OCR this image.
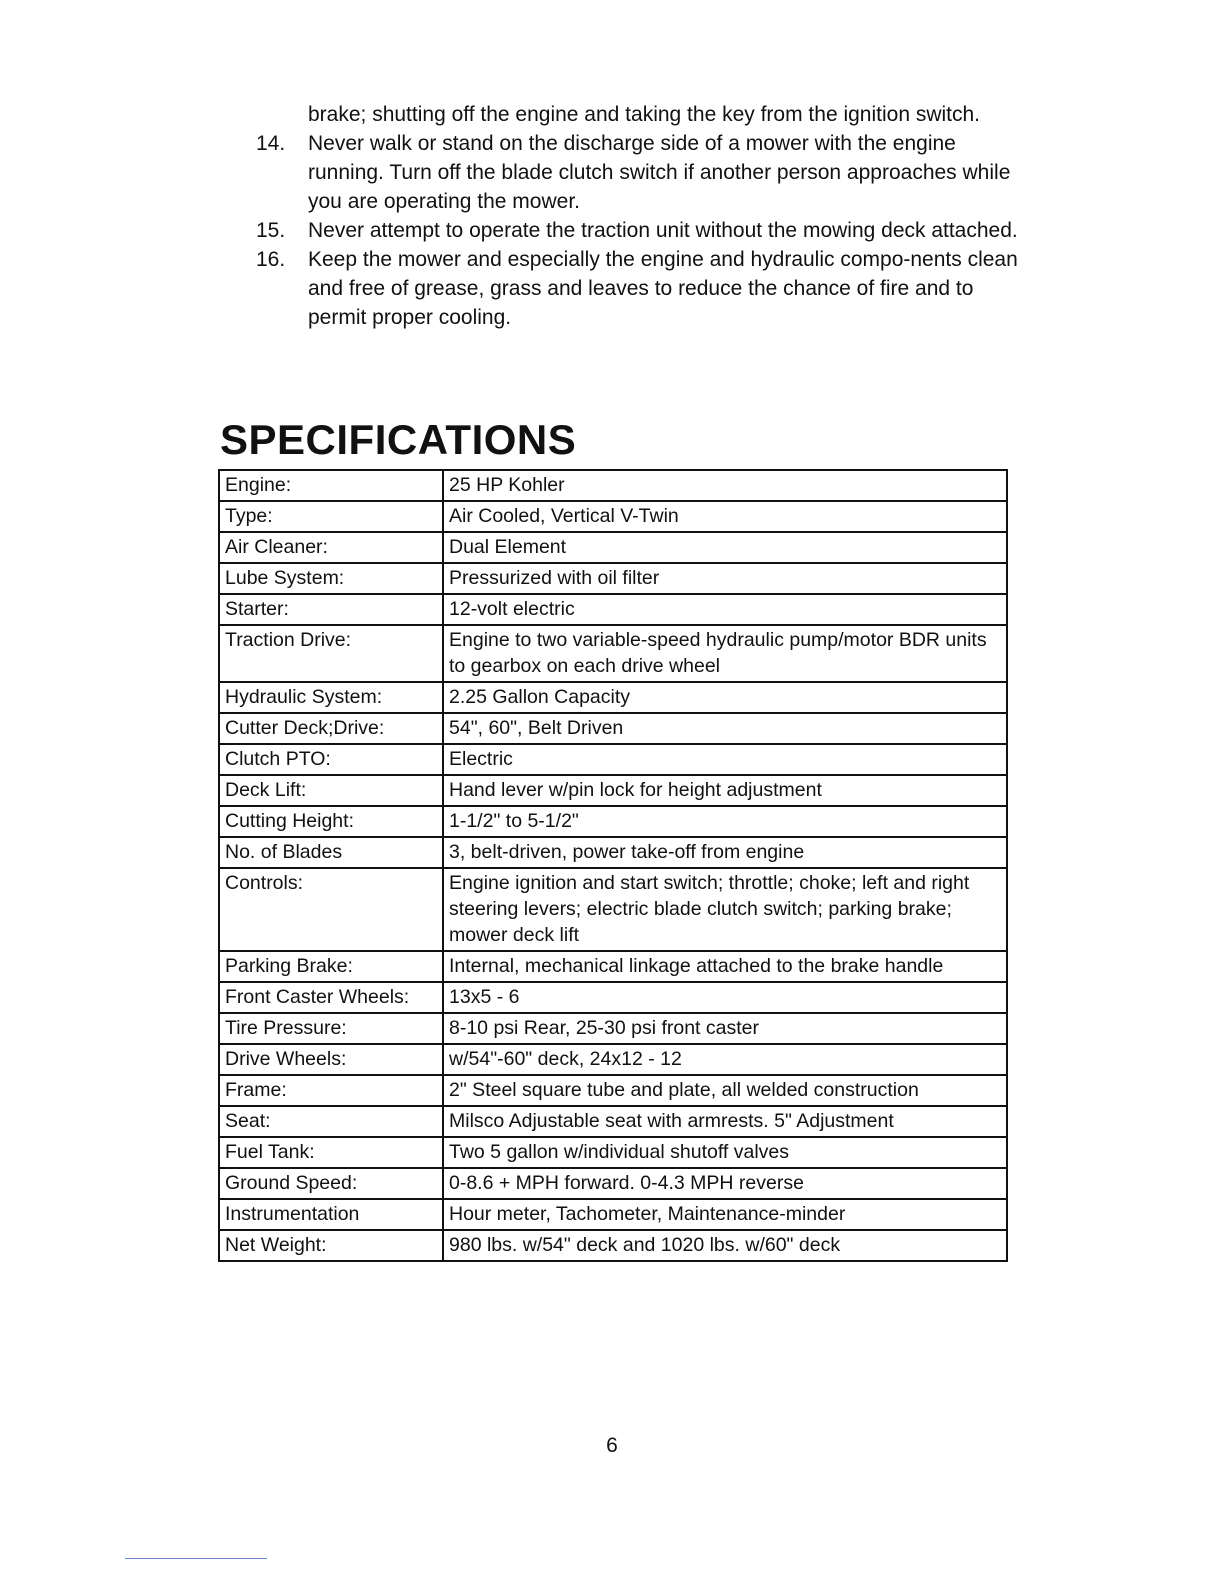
brake; shutting off the engine and taking the key from the ignition switch.
14. Never walk or stand on the discharge side of a mower with the engine running. Turn off the blade clutch switch if another person approaches while you are operating the mower.
15. Never attempt to operate the traction unit without the mowing deck attached.
16. Keep the mower and especially the engine and hydraulic compo-nents clean and free of grease, grass and leaves to reduce the chance of fire and to permit proper cooling.
SPECIFICATIONS
Engine:	25 HP Kohler
Type:	Air Cooled, Vertical V-Twin
Air Cleaner:	Dual Element
Lube System:	Pressurized with oil filter
Starter:	12-volt electric
Traction Drive:	Engine to two variable-speed hydraulic pump/motor BDR units to gearbox on each drive wheel
Hydraulic System:	2.25 Gallon Capacity
Cutter Deck;Drive:	54", 60", Belt Driven
Clutch PTO:	Electric
Deck Lift:	Hand lever w/pin lock for height adjustment
Cutting Height:	1-1/2" to 5-1/2"
No. of Blades	3, belt-driven, power take-off from engine
Controls:	Engine ignition and start switch; throttle; choke; left and right steering levers; electric blade clutch switch; parking brake; mower deck lift
Parking Brake:	Internal, mechanical linkage attached to the brake handle
Front Caster Wheels:	13x5 - 6
Tire Pressure:	8-10 psi Rear, 25-30 psi front caster
Drive Wheels:	w/54"-60" deck, 24x12 - 12
Frame:	2" Steel square tube and plate, all welded construction
Seat:	Milsco Adjustable seat with armrests. 5" Adjustment
Fuel Tank:	Two 5 gallon w/individual shutoff valves
Ground Speed:	0-8.6 + MPH forward. 0-4.3 MPH reverse
Instrumentation	Hour meter, Tachometer, Maintenance-minder
Net Weight:	980 lbs. w/54" deck and 1020 lbs. w/60" deck
6
